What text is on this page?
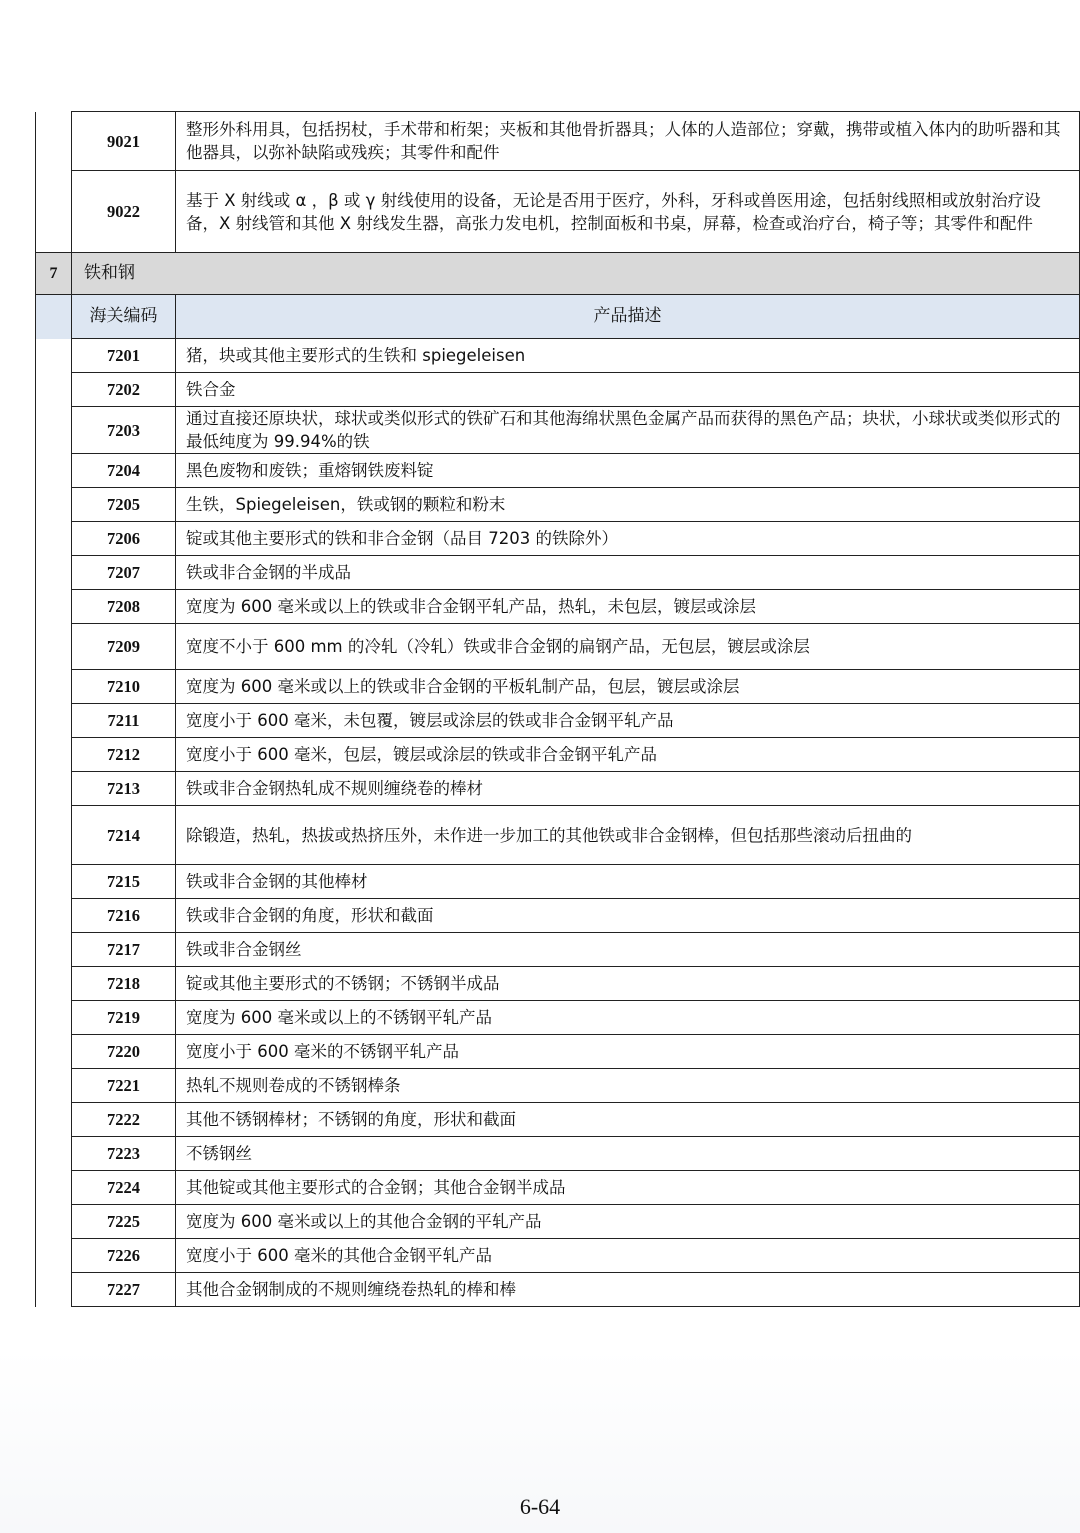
	9021	整形外科用具，包括拐杖，手术带和桁架；夹板和其他骨折器具；人体的人造部位；穿戴，携带或植入体内的助听器和其他器具，以弥补缺陷或残疾；其零件和配件
	9022	基于 X 射线或 α ，β 或 γ 射线使用的设备，无论是否用于医疗，外科，牙科或兽医用途，包括射线照相或放射治疗设备，X 射线管和其他 X 射线发生器，高张力发电机，控制面板和书桌，屏幕，检查或治疗台，椅子等；其零件和配件
7	铁和钢	
	海关编码	产品描述
	7201	猪，块或其他主要形式的生铁和 spiegeleisen
	7202	铁合金
	7203	通过直接还原块状，球状或类似形式的铁矿石和其他海绵状黑色金属产品而获得的黑色产品；块状，小球状或类似形式的最低纯度为 99.94%的铁
	7204	黑色废物和废铁；重熔钢铁废料锭
	7205	生铁，Spiegeleisen，铁或钢的颗粒和粉末
	7206	锭或其他主要形式的铁和非合金钢（品目 7203 的铁除外）
	7207	铁或非合金钢的半成品
	7208	宽度为 600 毫米或以上的铁或非合金钢平轧产品，热轧，未包层，镀层或涂层
	7209	宽度不小于 600 mm 的冷轧（冷轧）铁或非合金钢的扁钢产品，无包层，镀层或涂层
	7210	宽度为 600 毫米或以上的铁或非合金钢的平板轧制产品，包层，镀层或涂层
	7211	宽度小于 600 毫米，未包覆，镀层或涂层的铁或非合金钢平轧产品
	7212	宽度小于 600 毫米，包层，镀层或涂层的铁或非合金钢平轧产品
	7213	铁或非合金钢热轧成不规则缠绕卷的棒材
	7214	除锻造，热轧，热拔或热挤压外，未作进一步加工的其他铁或非合金钢棒，但包括那些滚动后扭曲的
	7215	铁或非合金钢的其他棒材
	7216	铁或非合金钢的角度，形状和截面
	7217	铁或非合金钢丝
	7218	锭或其他主要形式的不锈钢；不锈钢半成品
	7219	宽度为 600 毫米或以上的不锈钢平轧产品
	7220	宽度小于 600 毫米的不锈钢平轧产品
	7221	热轧不规则卷成的不锈钢棒条
	7222	其他不锈钢棒材；不锈钢的角度，形状和截面
	7223	不锈钢丝
	7224	其他锭或其他主要形式的合金钢；其他合金钢半成品
	7225	宽度为 600 毫米或以上的其他合金钢的平轧产品
	7226	宽度小于 600 毫米的其他合金钢平轧产品
	7227	其他合金钢制成的不规则缠绕卷热轧的棒和棒
6-64
